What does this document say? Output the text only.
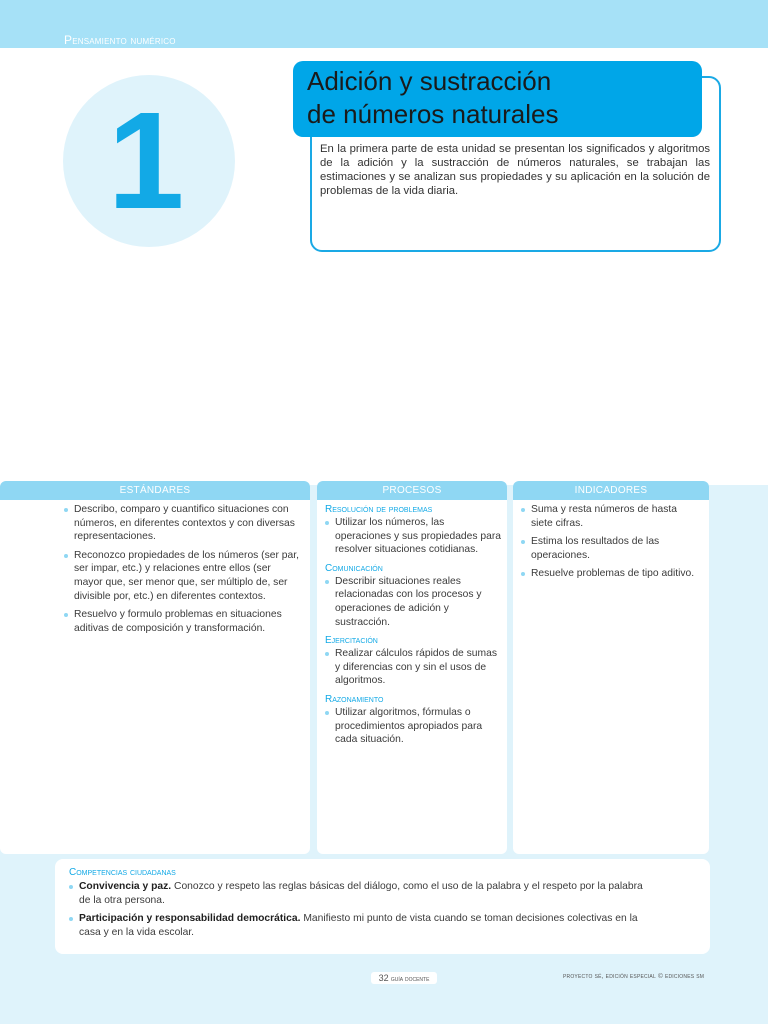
Pensamiento numérico
1
Adición y sustracción
de números naturales

En la primera parte de esta unidad se presentan los significados y algoritmos de la adición y la sustracción de números naturales, se trabajan las estimaciones y se analizan sus propiedades y su aplicación en la solución de problemas de la vida diaria.

ESTÁNDARES
Describo, comparo y cuantifico situaciones con números, en diferentes contextos y con diversas representaciones.
Reconozco propiedades de los números (ser par, ser impar, etc.) y relaciones entre ellos (ser mayor que, ser menor que, ser múltiplo de, ser divisible por, etc.) en diferentes contextos.
Resuelvo y formulo problemas en situaciones aditivas de composición y transformación.
PROCESOS
Resolución de problemas
Utilizar los números, las operaciones y sus propiedades para resolver situaciones cotidianas.
Comunicación
Describir situaciones reales relacionadas con los procesos y operaciones de adición y sustracción.
Ejercitación
Realizar cálculos rápidos de sumas y diferencias con y sin el usos de algoritmos.
Razonamiento
Utilizar algoritmos, fórmulas o procedimientos apropiados para cada situación.
INDICADORES
Suma y resta números de hasta siete cifras.
Estima los resultados de las operaciones.
Resuelve problemas de tipo aditivo.
Competencias ciudadanas
Convivencia y paz. Conozco y respeto las reglas básicas del diálogo, como el uso de la palabra y el respeto por la palabra de la otra persona.
Participación y responsabilidad democrática. Manifiesto mi punto de vista cuando se toman decisiones colectivas en la casa y en la vida escolar.
32 guía docente	proyecto sé, edición especial © ediciones sm
